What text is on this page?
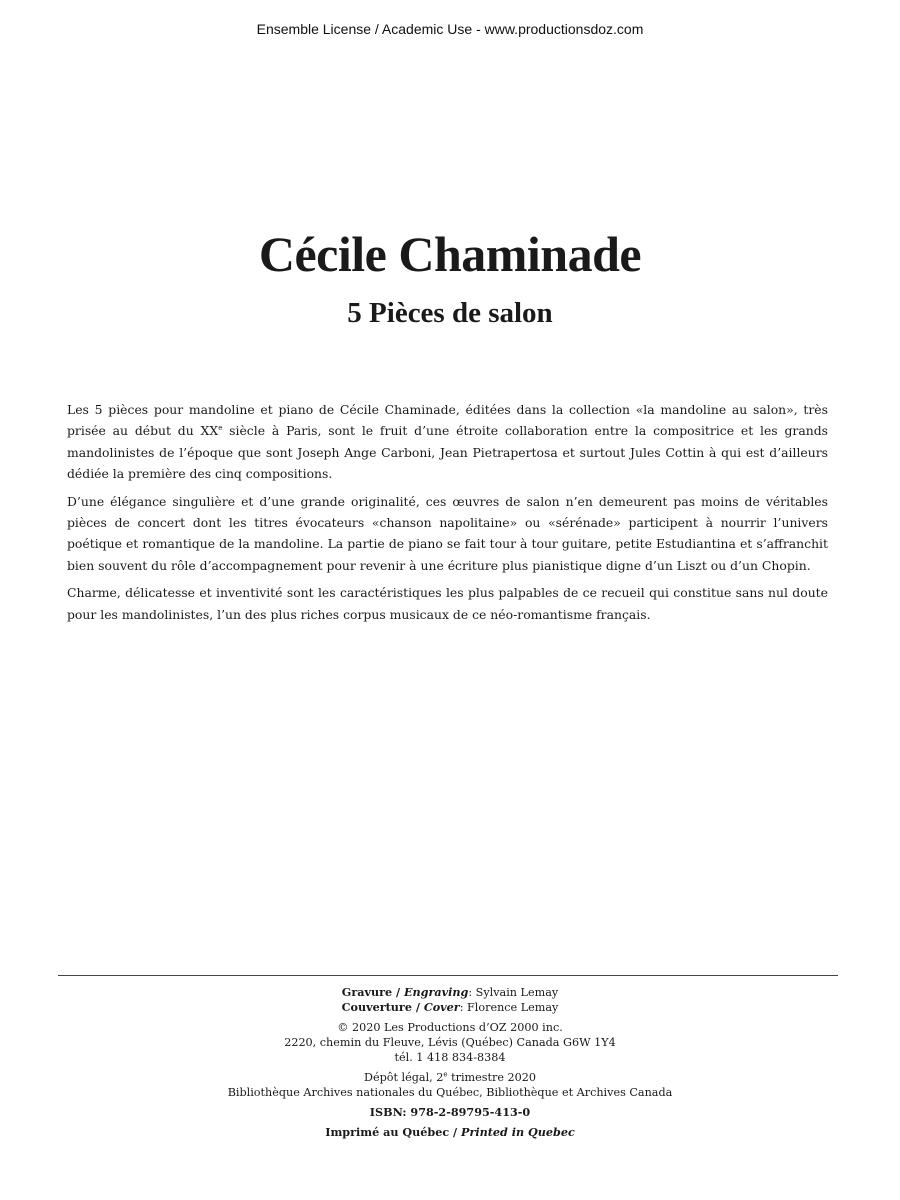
Ensemble License / Academic Use - www.productionsdoz.com
Cécile Chaminade
5 Pièces de salon

Les 5 pièces pour mandoline et piano de Cécile Chaminade, éditées dans la collection «la mandoline au salon», très prisée au début du XXe siècle à Paris, sont le fruit d’une étroite collaboration entre la compositrice et les grands mandolinistes de l’époque que sont Joseph Ange Carboni, Jean Pietrapertosa et surtout Jules Cottin à qui est d’ailleurs dédiée la première des cinq compositions.

D’une élégance singulière et d’une grande originalité, ces œuvres de salon n’en demeurent pas moins de véritables pièces de concert dont les titres évocateurs «chanson napolitaine» ou «sérénade» participent à nourrir l’univers poétique et romantique de la mandoline. La partie de piano se fait tour à tour guitare, petite Estudiantina et s’affranchit bien souvent du rôle d’accompagnement pour revenir à une écriture plus pianistique digne d’un Liszt ou d’un Chopin.

Charme, délicatesse et inventivité sont les caractéristiques les plus palpables de ce recueil qui constitue sans nul doute pour les mandolinistes, l’un des plus riches corpus musicaux de ce néo-romantisme français.

Gravure / Engraving: Sylvain Lemay
Couverture / Cover: Florence Lemay
© 2020 Les Productions d’OZ 2000 inc.
2220, chemin du Fleuve, Lévis (Québec) Canada G6W 1Y4
tél. 1 418 834-8384
Dépôt légal, 2e trimestre 2020
Bibliothèque Archives nationales du Québec, Bibliothèque et Archives Canada
ISBN: 978-2-89795-413-0
Imprimé au Québec / Printed in Quebec
